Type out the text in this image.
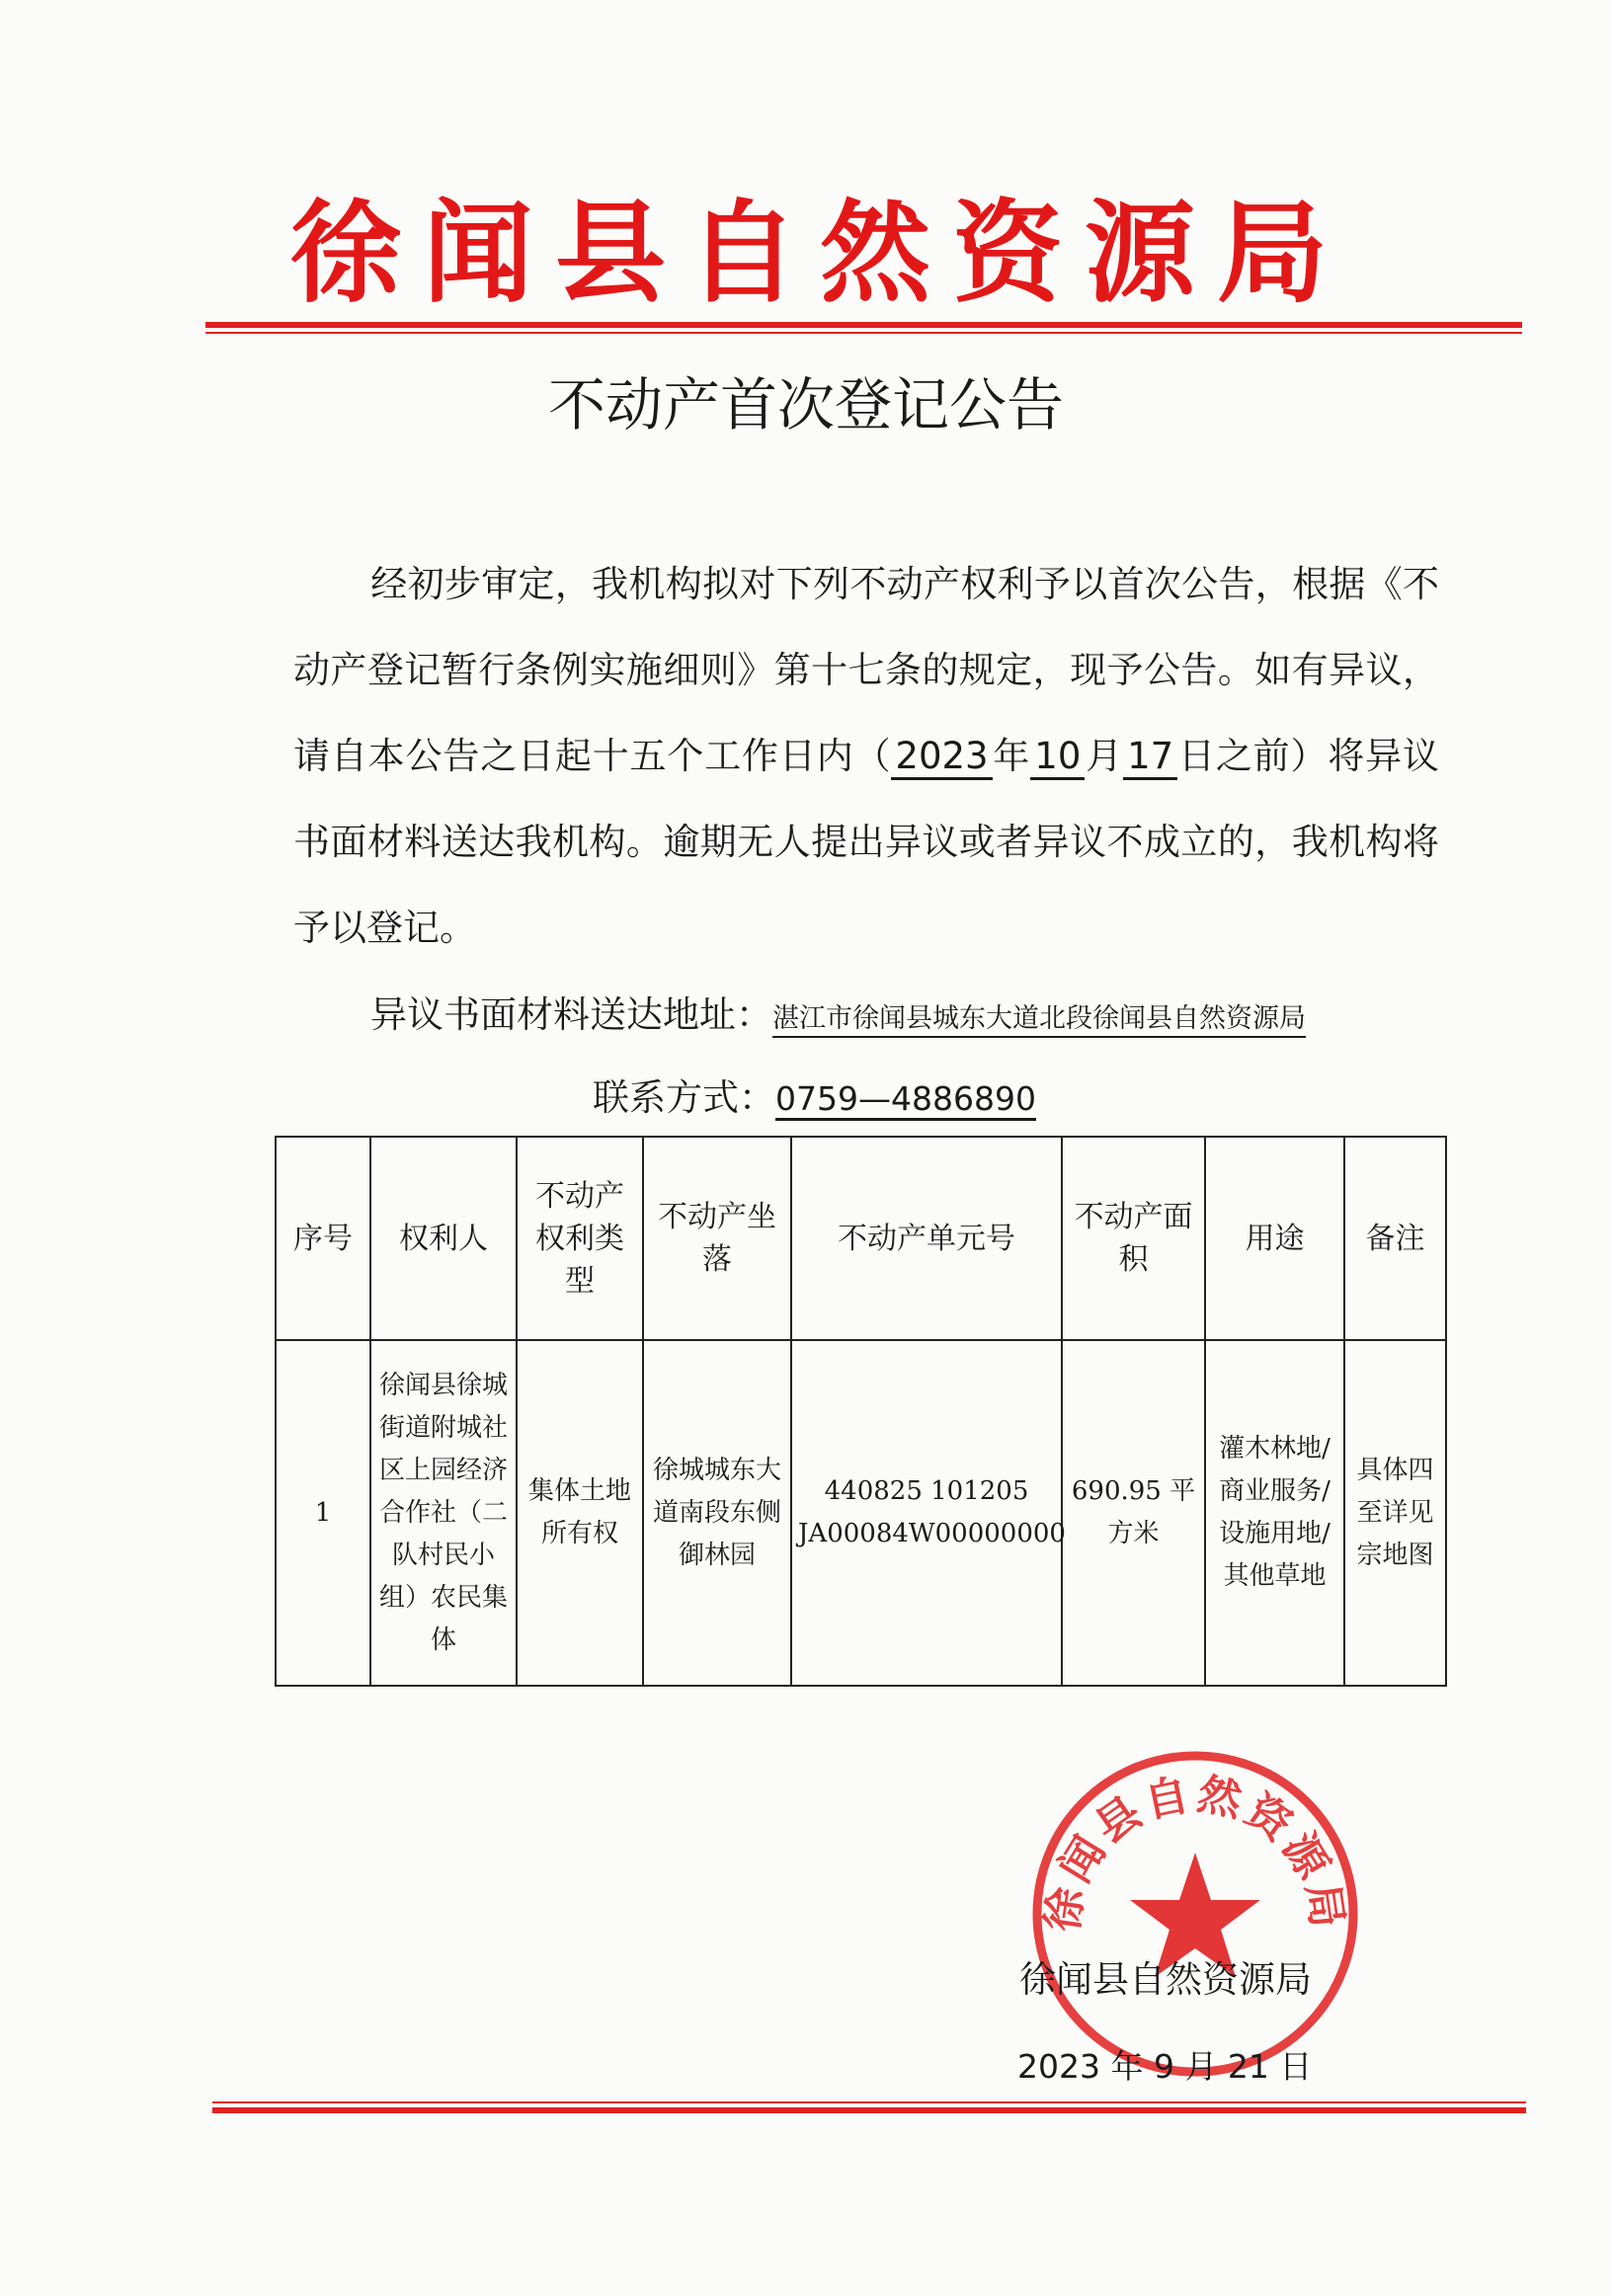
徐闻县自然资源局
不动产首次登记公告
经初步审定，我机构拟对下列不动产权利予以首次公告，根据《不动产登记暂行条例实施细则》第十七条的规定，现予公告。如有异议，请自本公告之日起十五个工作日内（ 2023 年 10 月 17 日之前）将异议书面材料送达我机构。逾期无人提出异议或者异议不成立的，我机构将予以登记。
异议书面材料送达地址：湛江市徐闻县城东大道北段徐闻县自然资源局
联系方式：0759—4886890
序号	权利人	不动产权利类型	不动产坐落	不动产单元号	不动产面积	用途	备注
1	徐闻县徐城街道附城社区上园经济合作社（二队村民小组）农民集体	集体土地所有权	徐城城东大道南段东侧御林园	440825 101205 JA00084W00000000	690.95 平方米	灌木林地/商业服务/设施用地/其他草地	具体四至详见宗地图
徐闻县自然资源局
徐闻县自然资源局
2023 年 9 月 21 日
